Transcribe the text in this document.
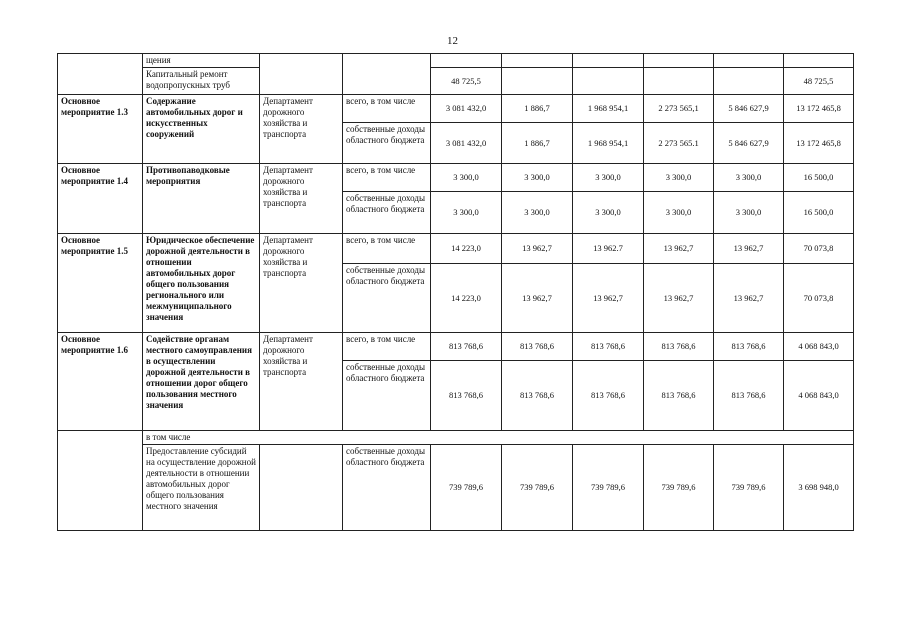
12
	щения								
	Капитальный ремонт водопропускных труб			48 725,5					48 725,5
Основное мероприятие 1.3	Содержание автомобильных дорог и искусственных сооружений	Департамент дорожного хозяйства и транспорта	всего, в том числе	3 081 432,0	1 886,7	1 968 954,1	2 273 565,1	5 846 627,9	13 172 465,8
			собственные доходы областного бюджета	3 081 432,0	1 886,7	1 968 954,1	2 273 565.1	5 846 627,9	13 172 465,8
Основное мероприятие 1.4	Противопаводковые мероприятия	Департамент дорожного хозяйства и транспорта	всего, в том числе	3 300,0	3 300,0	3 300,0	3 300,0	3 300,0	16 500,0
			собственные доходы областного бюджета	3 300,0	3 300,0	3 300,0	3 300,0	3 300,0	16 500,0
Основное мероприятие 1.5	Юридическое обеспечение дорожной деятельности в отношении автомобильных дорог общего пользования регионального или межмуниципального значения	Департамент дорожного хозяйства и транспорта	всего, в том числе	14 223,0	13 962,7	13 962.7	13 962,7	13 962,7	70 073,8
			собственные доходы областного бюджета	14 223,0	13 962,7	13 962,7	13 962,7	13 962,7	70 073,8
Основное мероприятие 1.6	Содействие органам местного самоуправления в осуществлении дорожной деятельности в отношении дорог общего пользования местного значения	Департамент дорожного хозяйства и транспорта	всего, в том числе	813 768,6	813 768,6	813 768,6	813 768,6	813 768,6	4 068 843,0
			собственные доходы областного бюджета	813 768,6	813 768,6	813 768,6	813 768,6	813 768,6	4 068 843,0
	в том числе								
	Предоставление субсидий на осуществление дорожной деятельности в отношении автомобильных дорог общего пользования местного значения		собственные доходы областного бюджета	739 789,6	739 789,6	739 789,6	739 789,6	739 789,6	3 698 948,0
